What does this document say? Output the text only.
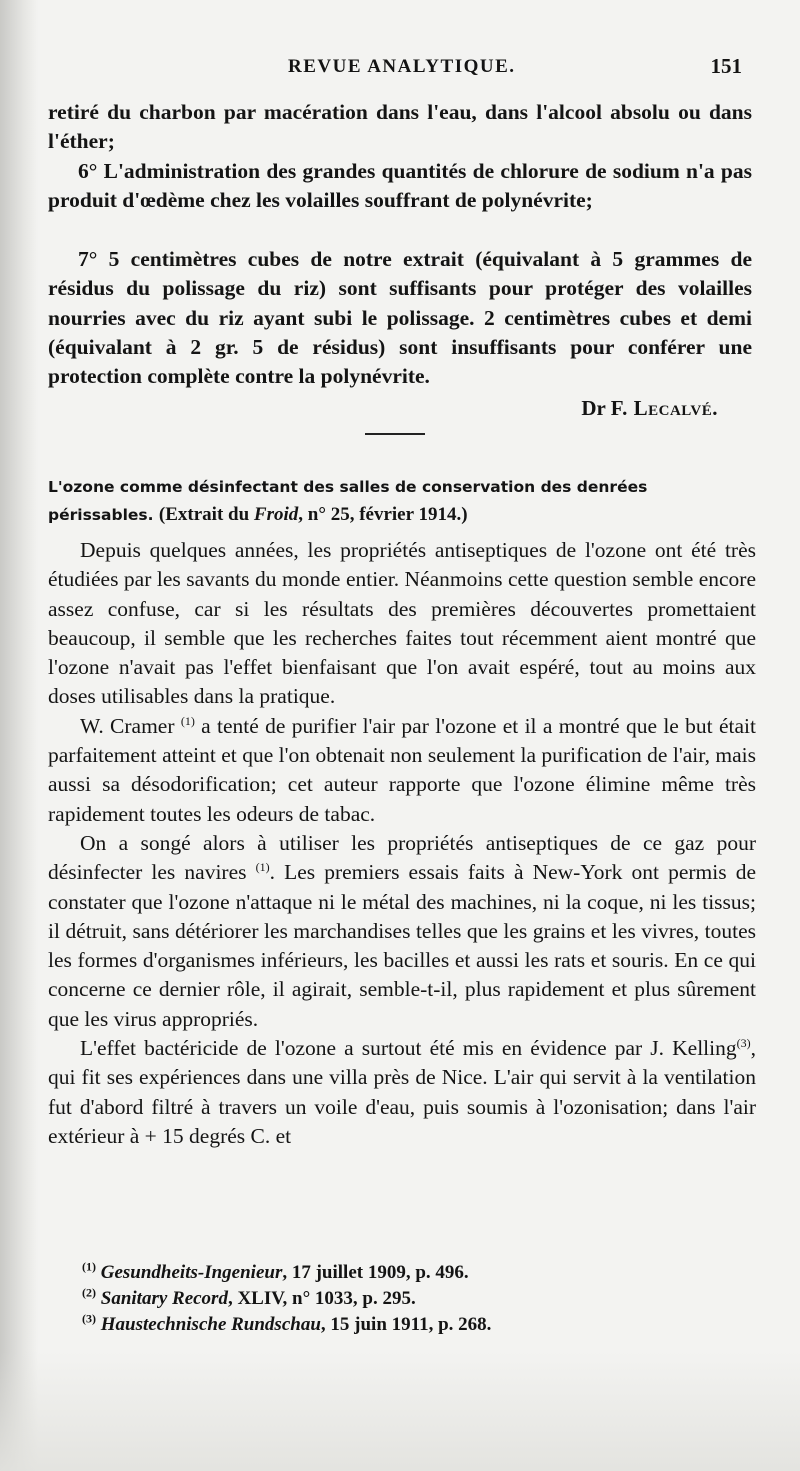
REVUE ANALYTIQUE.	151

retiré du charbon par macération dans l'eau, dans l'alcool absolu ou dans l'éther;

6° L'administration des grandes quantités de chlorure de sodium n'a pas produit d'œdème chez les volailles souffrant de polynévrite;

7° 5 centimètres cubes de notre extrait (équivalant à 5 grammes de résidus du polissage du riz) sont suffisants pour protéger des volailles nourries avec du riz ayant subi le polissage. 2 centimètres cubes et demi (équivalant à 2 gr. 5 de résidus) sont insuffisants pour conférer une protection complète contre la polynévrite.

Dr F. Lecalvé.

L'ozone comme désinfectant des salles de conservation des denrées périssables. (Extrait du Froid, n° 25, février 1914.)

Depuis quelques années, les propriétés antiseptiques de l'ozone ont été très étudiées par les savants du monde entier. Néanmoins cette question semble encore assez confuse, car si les résultats des premières découvertes promettaient beaucoup, il semble que les recherches faites tout récemment aient montré que l'ozone n'avait pas l'effet bienfaisant que l'on avait espéré, tout au moins aux doses utilisables dans la pratique.

W. Cramer $^{(1)}$ a tenté de purifier l'air par l'ozone et il a montré que le but était parfaitement atteint et que l'on obtenait non seulement la purification de l'air, mais aussi sa désodorification; cet auteur rapporte que l'ozone élimine même très rapidement toutes les odeurs de tabac.

On a songé alors à utiliser les propriétés antiseptiques de ce gaz pour désinfecter les navires $^{(1)}$. Les premiers essais faits à New-York ont permis de constater que l'ozone n'attaque ni le métal des machines, ni la coque, ni les tissus; il détruit, sans détériorer les marchandises telles que les grains et les vivres, toutes les formes d'organismes inférieurs, les bacilles et aussi les rats et souris. En ce qui concerne ce dernier rôle, il agirait, semble-t-il, plus rapidement et plus sûrement que les virus appropriés.

L'effet bactéricide de l'ozone a surtout été mis en évidence par J. Kelling$^{(3)}$, qui fit ses expériences dans une villa près de Nice. L'air qui servit à la ventilation fut d'abord filtré à travers un voile d'eau, puis soumis à l'ozonisation; dans l'air extérieur à + 15 degrés C. et

$^{(1)}$ Gesundheits-Ingenieur, 17 juillet 1909, p. 496.
$^{(2)}$ Sanitary Record, XLIV, n° 1033, p. 295.
$^{(3)}$ Haustechnische Rundschau, 15 juin 1911, p. 268.
